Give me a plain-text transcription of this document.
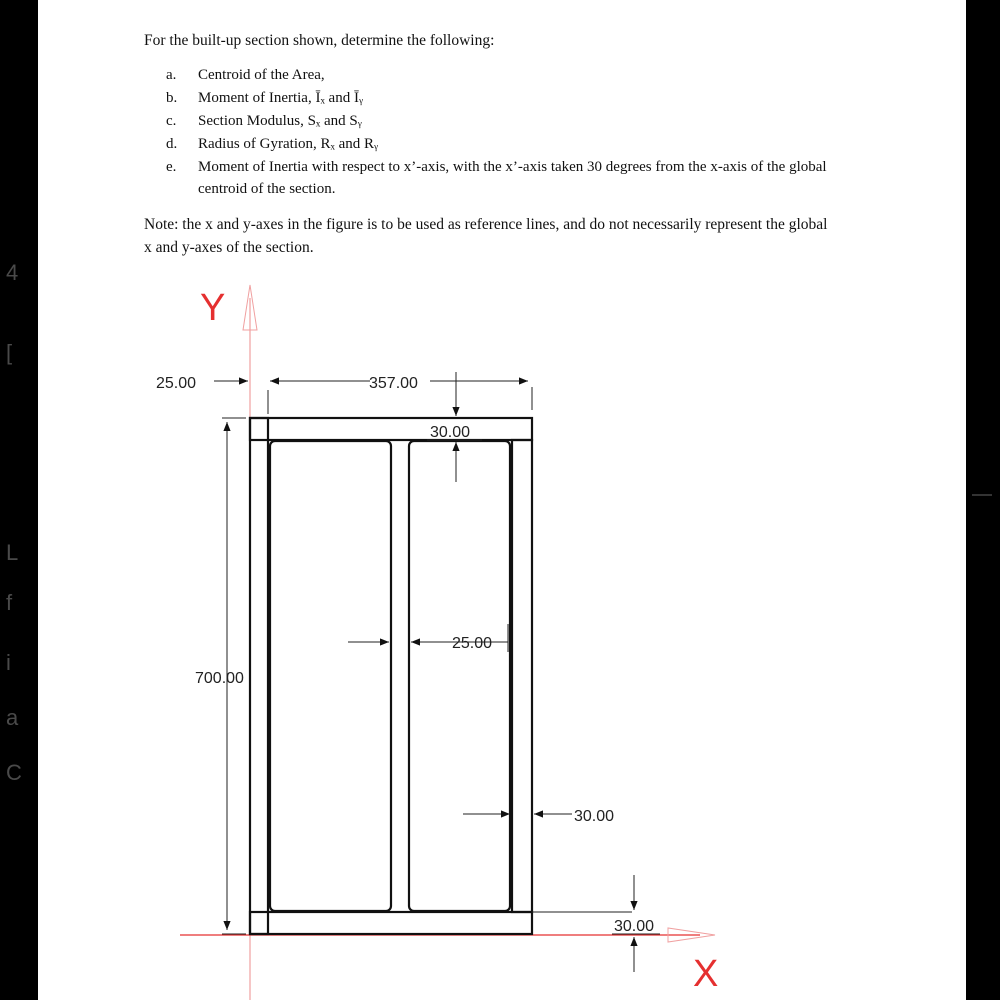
4
[
L
f
i
a
C
For the built-up section shown, determine the following:
a.	Centroid of the Area,
b.	Moment of Inertia, Īₓ and Īᵧ
c.	Section Modulus, Sₓ and Sᵧ
d.	Radius of Gyration, Rₓ and Rᵧ
e.	Moment of Inertia with respect to x’-axis, with the x’-axis taken 30 degrees from the x-axis of the global centroid of the section.
Note: the x and y-axes in the figure is to be used as reference lines, and do not necessarily represent the global x and y-axes of the section.
Y
X
25.00	357.00
30.00
700.00
25.00
30.00
30.00
